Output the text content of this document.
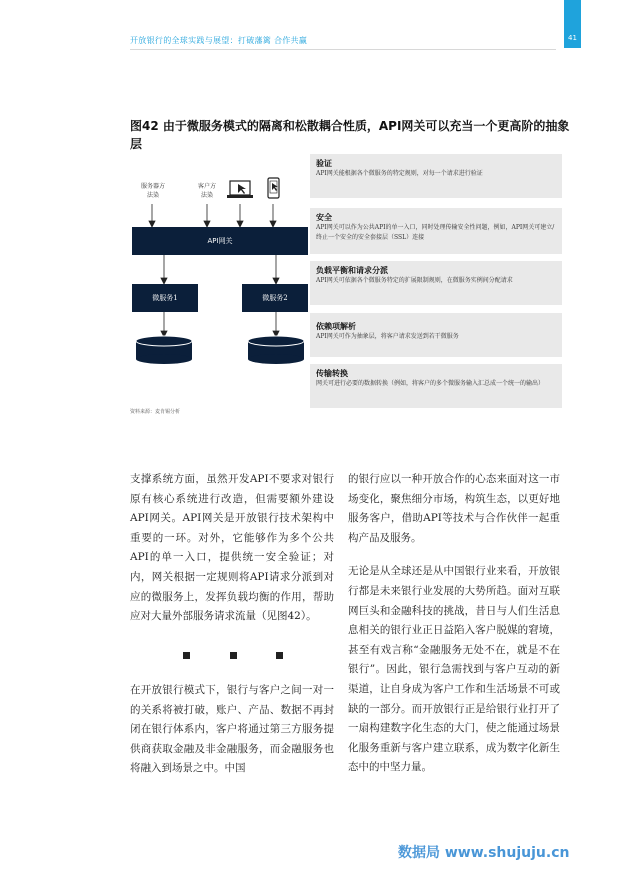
开放银行的全球实践与展望：打破藩篱 合作共赢	41
图42 由于微服务模式的隔离和松散耦合性质，API网关可以充当一个更高阶的抽象层
服务器方
法染
客户方
法染
API网关
微服务1	微服务2
资料来源：麦肯锡分析
验证
API网关能根据各个微服务的特定规则，对每一个请求进行验证
安全
API网关可以作为公共API的单一入口，同时处理传输安全性问题，例如，API网关可建立/终止一个安全的安全套接层（SSL）连接
负载平衡和请求分派
API网关可依据各个微服务特定的扩展限制规则，在微服务实例间分配请求
依赖项解析
API网关可作为抽象层，将客户请求发送到若干微服务
传输转换
网关可进行必要的数据转换（例如，将客户的多个微服务输入汇总成一个统一的输出）

支撑系统方面，虽然开发API不要求对银行原有核心系统进行改造，但需要额外建设API网关。API网关是开放银行技术架构中重要的一环。对外，它能够作为多个公共API的单一入口，提供统一安全验证；对内，网关根据一定规则将API请求分派到对应的微服务上，发挥负载均衡的作用，帮助应对大量外部服务请求流量（见图42）。

在开放银行模式下，银行与客户之间一对一的关系将被打破，账户、产品、数据不再封闭在银行体系内，客户将通过第三方服务提供商获取金融及非金融服务，而金融服务也将融入到场景之中。中国

的银行应以一种开放合作的心态来面对这一市场变化，聚焦细分市场，构筑生态，以更好地服务客户，借助API等技术与合作伙伴一起重构产品及服务。

无论是从全球还是从中国银行业来看，开放银行都是未来银行业发展的大势所趋。面对互联网巨头和金融科技的挑战，昔日与人们生活息息相关的银行业正日益陷入客户脱媒的窘境，甚至有戏言称“金融服务无处不在，就是不在银行”。因此，银行急需找到与客户互动的新渠道，让自身成为客户工作和生活场景不可或缺的一部分。而开放银行正是给银行业打开了一扇构建数字化生态的大门，使之能通过场景化服务重新与客户建立联系，成为数字化新生态中的中坚力量。

数据局 www.shujuju.cn
